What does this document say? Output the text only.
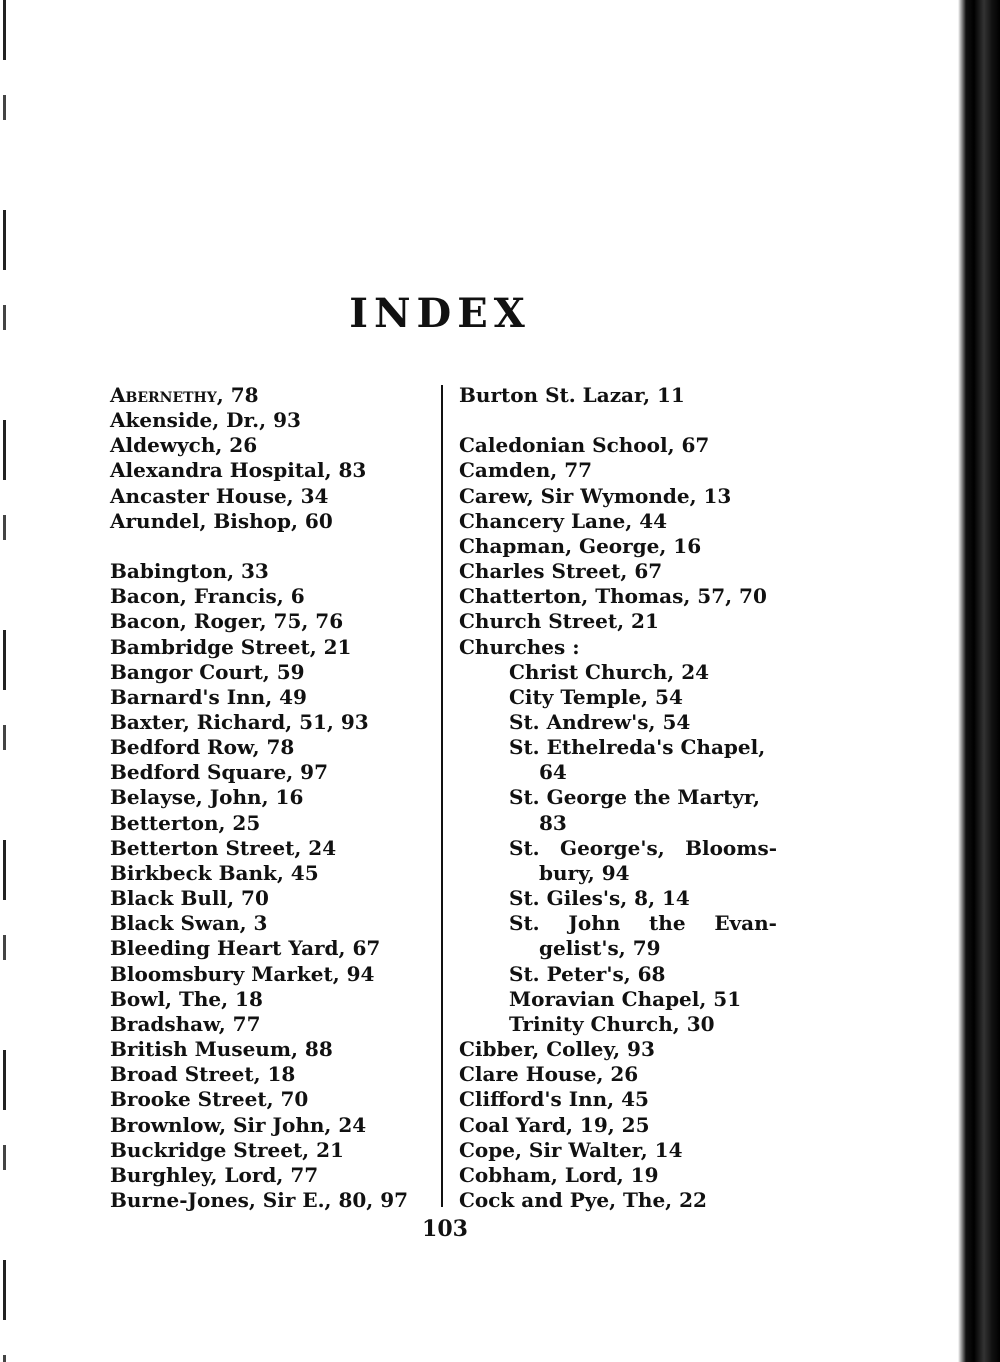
INDEX
Abernethy, 78
Akenside, Dr., 93
Aldewych, 26
Alexandra Hospital, 83
Ancaster House, 34
Arundel, Bishop, 60
Babington, 33
Bacon, Francis, 6
Bacon, Roger, 75, 76
Bambridge Street, 21
Bangor Court, 59
Barnard's Inn, 49
Baxter, Richard, 51, 93
Bedford Row, 78
Bedford Square, 97
Belayse, John, 16
Betterton, 25
Betterton Street, 24
Birkbeck Bank, 45
Black Bull, 70
Black Swan, 3
Bleeding Heart Yard, 67
Bloomsbury Market, 94
Bowl, The, 18
Bradshaw, 77
British Museum, 88
Broad Street, 18
Brooke Street, 70
Brownlow, Sir John, 24
Buckridge Street, 21
Burghley, Lord, 77
Burne-Jones, Sir E., 80, 97
Burton St. Lazar, 11
Caledonian School, 67
Camden, 77
Carew, Sir Wymonde, 13
Chancery Lane, 44
Chapman, George, 16
Charles Street, 67
Chatterton, Thomas, 57, 70
Church Street, 21
Churches :
Christ Church, 24
City Temple, 54
St. Andrew's, 54
St. Ethelreda's Chapel,
64
St. George the Martyr,
83
St. George's, Blooms-
bury, 94
St. Giles's, 8, 14
St. John the Evan-
gelist's, 79
St. Peter's, 68
Moravian Chapel, 51
Trinity Church, 30
Cibber, Colley, 93
Clare House, 26
Clifford's Inn, 45
Coal Yard, 19, 25
Cope, Sir Walter, 14
Cobham, Lord, 19
Cock and Pye, The, 22
103
